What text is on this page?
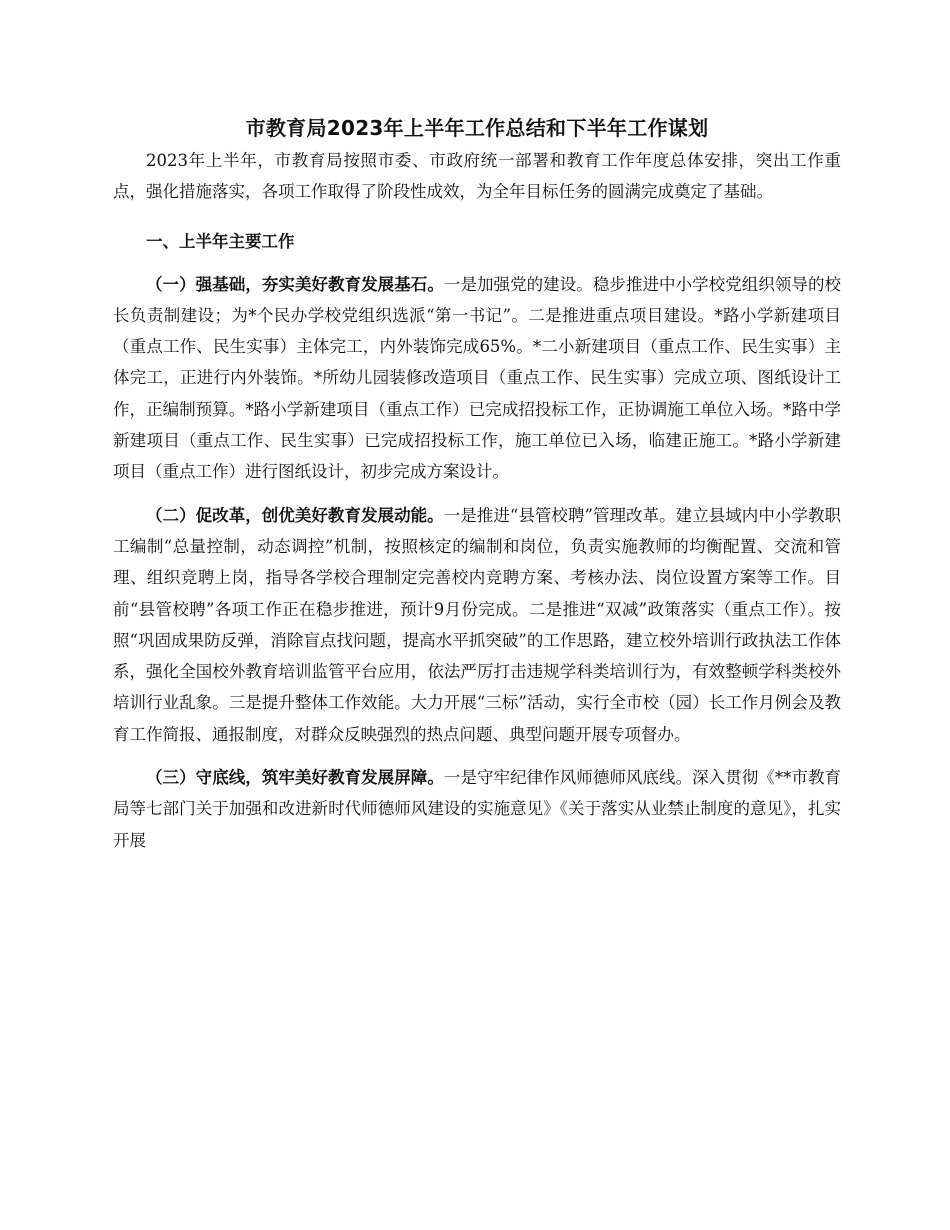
市教育局2023年上半年工作总结和下半年工作谋划

2023年上半年，市教育局按照市委、市政府统一部署和教育工作年度总体安排，突出工作重点，强化措施落实，各项工作取得了阶段性成效，为全年目标任务的圆满完成奠定了基础。

一、上半年主要工作

（一）强基础，夯实美好教育发展基石。一是加强党的建设。稳步推进中小学校党组织领导的校长负责制建设；为*个民办学校党组织选派“第一书记”。二是推进重点项目建设。*路小学新建项目（重点工作、民生实事）主体完工，内外装饰完成65%。*二小新建项目（重点工作、民生实事）主体完工，正进行内外装饰。*所幼儿园装修改造项目（重点工作、民生实事）完成立项、图纸设计工作，正编制预算。*路小学新建项目（重点工作）已完成招投标工作，正协调施工单位入场。*路中学新建项目（重点工作、民生实事）已完成招投标工作，施工单位已入场，临建正施工。*路小学新建项目（重点工作）进行图纸设计，初步完成方案设计。

（二）促改革，创优美好教育发展动能。一是推进“县管校聘”管理改革。建立县域内中小学教职工编制“总量控制，动态调控”机制，按照核定的编制和岗位，负责实施教师的均衡配置、交流和管理、组织竞聘上岗，指导各学校合理制定完善校内竞聘方案、考核办法、岗位设置方案等工作。目前“县管校聘”各项工作正在稳步推进，预计9月份完成。二是推进“双减”政策落实（重点工作）。按照“巩固成果防反弹，消除盲点找问题，提高水平抓突破”的工作思路，建立校外培训行政执法工作体系，强化全国校外教育培训监管平台应用，依法严厉打击违规学科类培训行为，有效整顿学科类校外培训行业乱象。三是提升整体工作效能。大力开展“三标”活动，实行全市校（园）长工作月例会及教育工作简报、通报制度，对群众反映强烈的热点问题、典型问题开展专项督办。

（三）守底线，筑牢美好教育发展屏障。一是守牢纪律作风师德师风底线。深入贯彻《**市教育局等七部门关于加强和改进新时代师德师风建设的实施意见》《关于落实从业禁止制度的意见》，扎实开展
